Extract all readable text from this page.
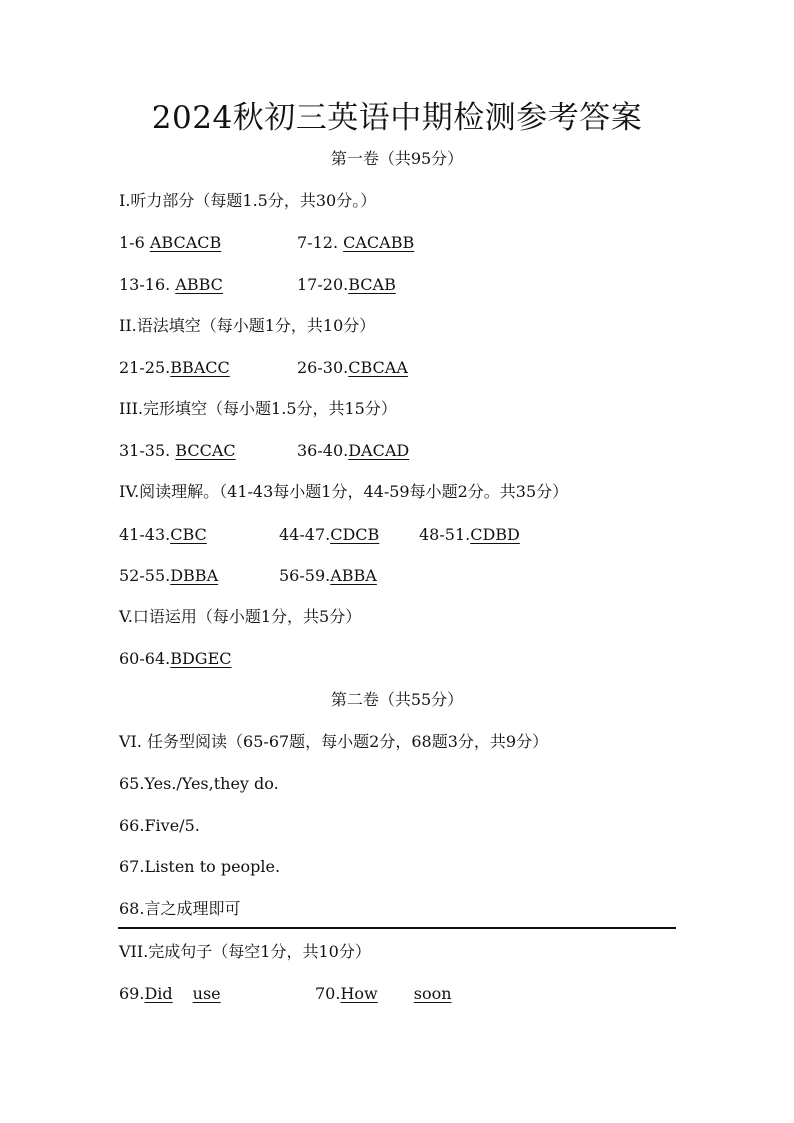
2024秋初三英语中期检测参考答案
第一卷（共95分）
I.听力部分（每题1.5分，共30分。）
1-6 ABCACB	7-12. CACABB
13-16. ABBC	17-20.BCAB
II.语法填空（每小题1分，共10分）
21-25.BBACC	26-30.CBCAA
III.完形填空（每小题1.5分，共15分）
31-35. BCCAC	36-40.DACAD
IV.阅读理解。（41-43每小题1分，44-59每小题2分。共35分）
41-43.CBC	44-47.CDCB	48-51.CDBD
52-55.DBBA	56-59.ABBA
V.口语运用（每小题1分，共5分）
60-64.BDGEC
第二卷（共55分）
VI. 任务型阅读（65-67题，每小题2分，68题3分，共9分）
65.Yes./Yes,they do.
66.Five/5.
67.Listen to people.
68.言之成理即可
VII.完成句子（每空1分，共10分）
69.Did use	70.How soon
